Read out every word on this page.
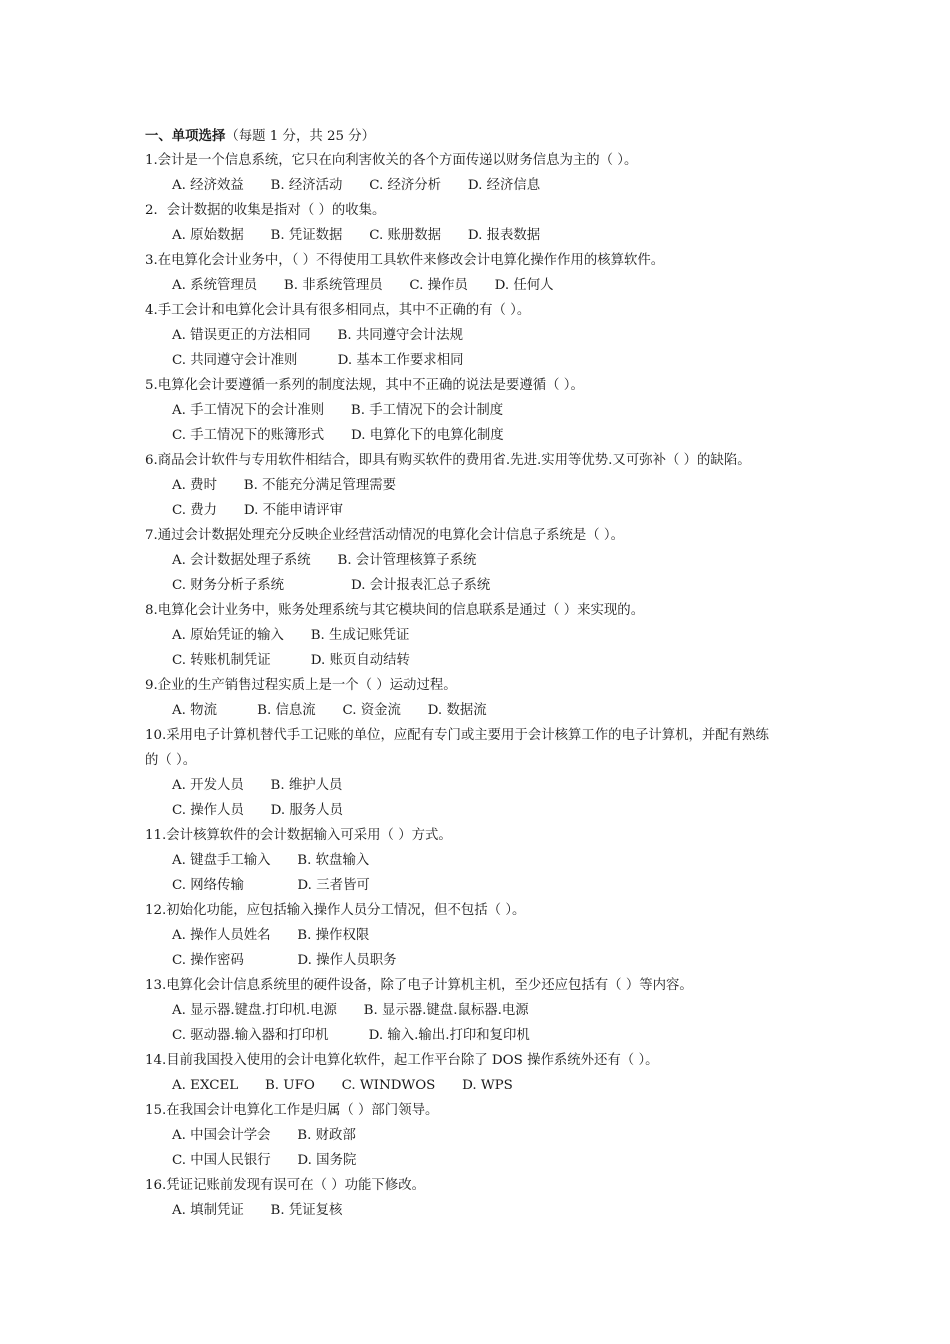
一、单项选择（每题 1 分，共 25 分）
1.会计是一个信息系统，它只在向利害攸关的各个方面传递以财务信息为主的（ ）。
A. 经济效益　　B. 经济活动　　C. 经济分析　　D. 经济信息
2．会计数据的收集是指对（ ）的收集。
A. 原始数据　　B. 凭证数据　　C. 账册数据　　D. 报表数据
3.在电算化会计业务中，（ ）不得使用工具软件来修改会计电算化操作作用的核算软件。
A. 系统管理员　　B. 非系统管理员　　C. 操作员　　D. 任何人
4.手工会计和电算化会计具有很多相同点，其中不正确的有（ ）。
A. 错误更正的方法相同　　B. 共同遵守会计法规
C. 共同遵守会计准则　　　D. 基本工作要求相同
5.电算化会计要遵循一系列的制度法规，其中不正确的说法是要遵循（ ）。
A. 手工情况下的会计准则　　B. 手工情况下的会计制度
C. 手工情况下的账簿形式　　D. 电算化下的电算化制度
6.商品会计软件与专用软件相结合，即具有购买软件的费用省.先进.实用等优势.又可弥补（ ）的缺陷。
A. 费时　　B. 不能充分满足管理需要
C. 费力　　D. 不能申请评审
7.通过会计数据处理充分反映企业经营活动情况的电算化会计信息子系统是（ ）。
A. 会计数据处理子系统　　B. 会计管理核算子系统
C. 财务分析子系统　　　　　D. 会计报表汇总子系统
8.电算化会计业务中，账务处理系统与其它模块间的信息联系是通过（ ）来实现的。
A. 原始凭证的输入　　B. 生成记账凭证
C. 转账机制凭证　　　D. 账页自动结转
9.企业的生产销售过程实质上是一个（ ）运动过程。
A. 物流　　　B. 信息流　　C. 资金流　　D. 数据流
10.采用电子计算机替代手工记账的单位，应配有专门或主要用于会计核算工作的电子计算机，并配有熟练
的（ ）。
A. 开发人员　　B. 维护人员
C. 操作人员　　D. 服务人员
11.会计核算软件的会计数据输入可采用（ ）方式。
A. 键盘手工输入　　B. 软盘输入
C. 网络传输　　　　D. 三者皆可
12.初始化功能，应包括输入操作人员分工情况，但不包括（ ）。
A. 操作人员姓名　　B. 操作权限
C. 操作密码　　　　D. 操作人员职务
13.电算化会计信息系统里的硬件设备，除了电子计算机主机，至少还应包括有（ ）等内容。
A. 显示器.键盘.打印机.电源　　B. 显示器.键盘.鼠标器.电源
C. 驱动器.输入器和打印机　　　D. 输入.输出.打印和复印机
14.目前我国投入使用的会计电算化软件，起工作平台除了 DOS 操作系统外还有（ ）。
A. EXCEL　　B. UFO　　C. WINDWOS　　D. WPS
15.在我国会计电算化工作是归属（ ）部门领导。
A. 中国会计学会　　B. 财政部
C. 中国人民银行　　D. 国务院
16.凭证记账前发现有误可在（ ）功能下修改。
A. 填制凭证　　B. 凭证复核
